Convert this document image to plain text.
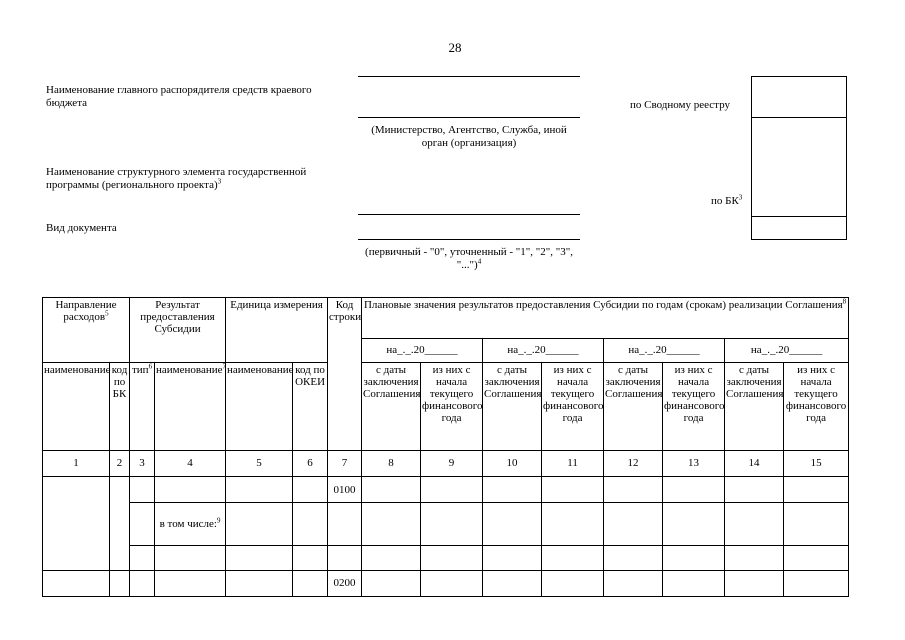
28
Наименование главного распорядителя средств краевого бюджета
Наименование структурного элемента государственной программы (регионального проекта)$^3$
Вид документа
(Министерство, Агентство, Служба, иной орган (организация)
(первичный - "0", уточненный - "1", "2", "3", "...")$^4$
по Сводному реестру
по $БК^3$
Направление расходов$^5$		Результат предоставления Субсидии		Единица измерения		Код строки	Плановые значения результатов предоставления Субсидии по годам (срокам) реализации Соглашения$^8$
							на_._.20______		на_._.20______		на_._.20______		на_._.20______	
наименование	код по БК	тип$^6$	наименование$^7$	наименование	код по ОКЕИ		с даты заключения Соглашения	из них с начала текущего финансового года	с даты заключения Соглашения	из них с начала текущего финансового года	с даты заключения Соглашения	из них с начала текущего финансового года	с даты заключения Соглашения	из них с начала текущего финансового года
1	2	3	4	5	6	7	8	9	10	11	12	13	14	15
						0100								
			в том числе:$^9$											

						0200								
